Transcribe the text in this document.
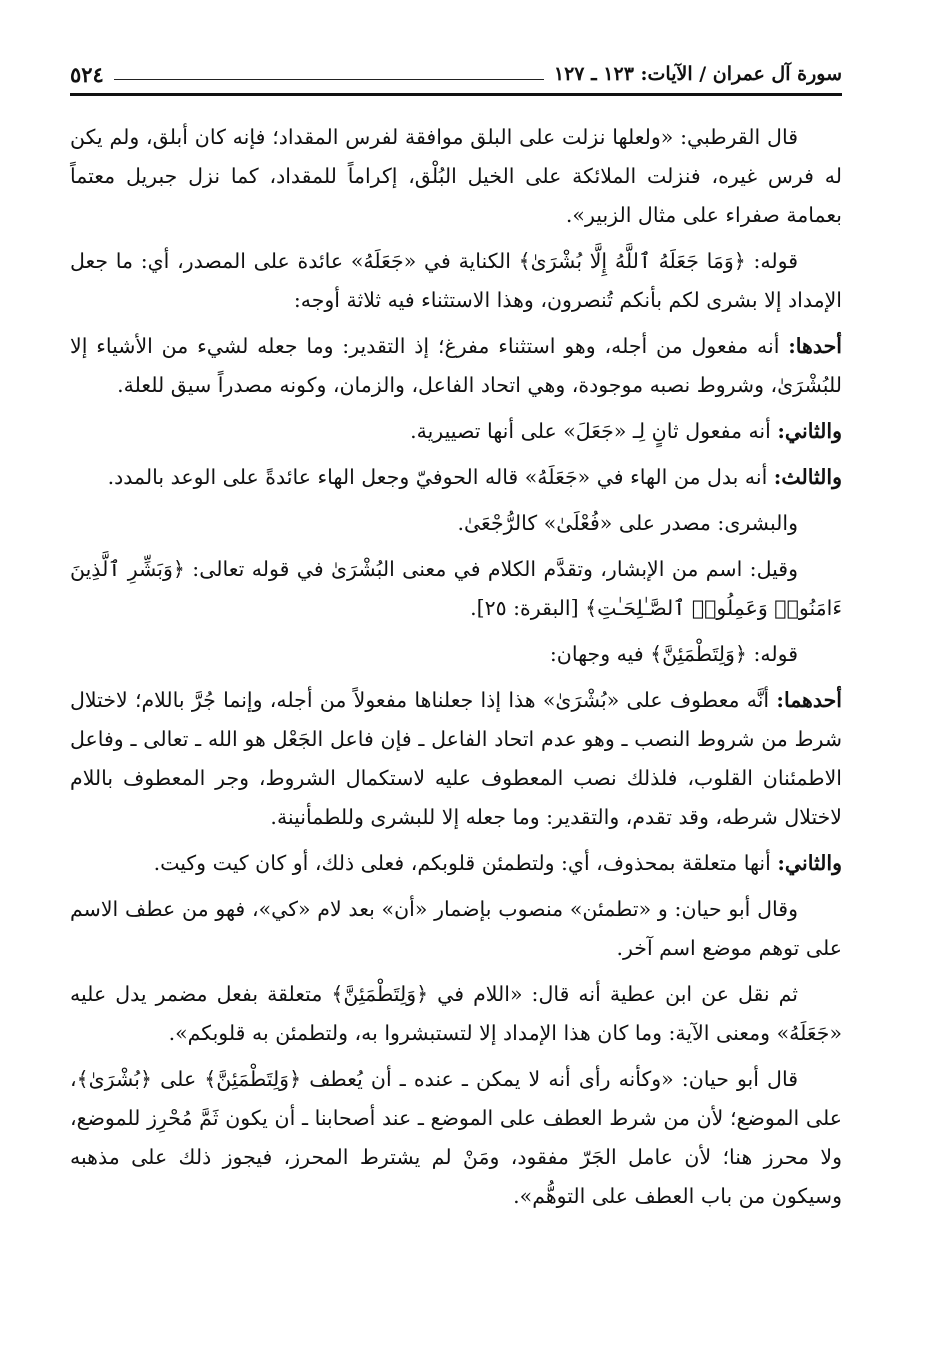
سورة آل عمران / الآيات: ١٢٣ ـ ١٢٧
٥٢٤

قال القرطبي: «ولعلها نزلت على البلق موافقة لفرس المقداد؛ فإنه كان أبلق، ولم يكن له فرس غيره، فنزلت الملائكة على الخيل البُلْق، إكراماً للمقداد، كما نزل جبريل معتماً بعمامة صفراء على مثال الزبير».

قوله: ﴿وَمَا جَعَلَهُ ٱللَّهُ إِلَّا بُشْرَىٰ﴾ الكناية في «جَعَلَهُ» عائدة على المصدر، أي: ما جعل الإمداد إلا بشرى لكم بأنكم تُنصرون، وهذا الاستثناء فيه ثلاثة أوجه:

أحدها: أنه مفعول من أجله، وهو استثناء مفرغ؛ إذ التقدير: وما جعله لشيء من الأشياء إلا للبُشْرَىٰ، وشروط نصبه موجودة، وهي اتحاد الفاعل، والزمان، وكونه مصدراً سيق للعلة.

والثاني: أنه مفعول ثانٍ لِـ «جَعَلَ» على أنها تصييرية.

والثالث: أنه بدل من الهاء في «جَعَلَهُ» قاله الحوفيّ وجعل الهاء عائدةً على الوعد بالمدد.

والبشرى: مصدر على «فُعْلَىٰ» كالرُّجْعَىٰ.

وقيل: اسم من الإبشار، وتقدَّم الكلام في معنى البُشْرَىٰ في قوله تعالى: ﴿وَبَشِّرِ ٱلَّذِينَ ءَامَنُوا۟ وَعَمِلُوا۟ ٱلصَّـٰلِحَـٰتِ﴾ [البقرة: ٢٥].

قوله: ﴿وَلِتَطْمَئِنَّ﴾ فيه وجهان:

أحدهما: أنَّه معطوف على «بُشْرَىٰ» هذا إذا جعلناها مفعولاً من أجله، وإنما جُرَّ باللام؛ لاختلال شرط من شروط النصب ـ وهو عدم اتحاد الفاعل ـ فإن فاعل الجَعْل هو الله ـ تعالى ـ وفاعل الاطمئنان القلوب، فلذلك نصب المعطوف عليه لاستكمال الشروط، وجر المعطوف باللام لاختلال شرطه، وقد تقدم، والتقدير: وما جعله إلا للبشرى وللطمأنينة.

والثاني: أنها متعلقة بمحذوف، أي: ولتطمئن قلوبكم، فعلى ذلك، أو كان كيت وكيت.

وقال أبو حيان: و «تطمئن» منصوب بإضمار «أن» بعد لام «كي»، فهو من عطف الاسم على توهم موضع اسم آخر.

ثم نقل عن ابن عطية أنه قال: «اللام في ﴿وَلِتَطْمَئِنَّ﴾ متعلقة بفعل مضمر يدل عليه «جَعَلَهُ» ومعنى الآية: وما كان هذا الإمداد إلا لتستبشروا به، ولتطمئن به قلوبكم».

قال أبو حيان: «وكأنه رأى أنه لا يمكن ـ عنده ـ أن يُعطف ﴿وَلِتَطْمَئِنَّ﴾ على ﴿بُشْرَىٰ﴾، على الموضع؛ لأن من شرط العطف على الموضع ـ عند أصحابنا ـ أن يكون ثَمَّ مُحْرِز للموضع، ولا محرز هنا؛ لأن عامل الجَرّ مفقود، ومَنْ لم يشترط المحرز، فيجوز ذلك على مذهبه وسيكون من باب العطف على التوهُّم».
